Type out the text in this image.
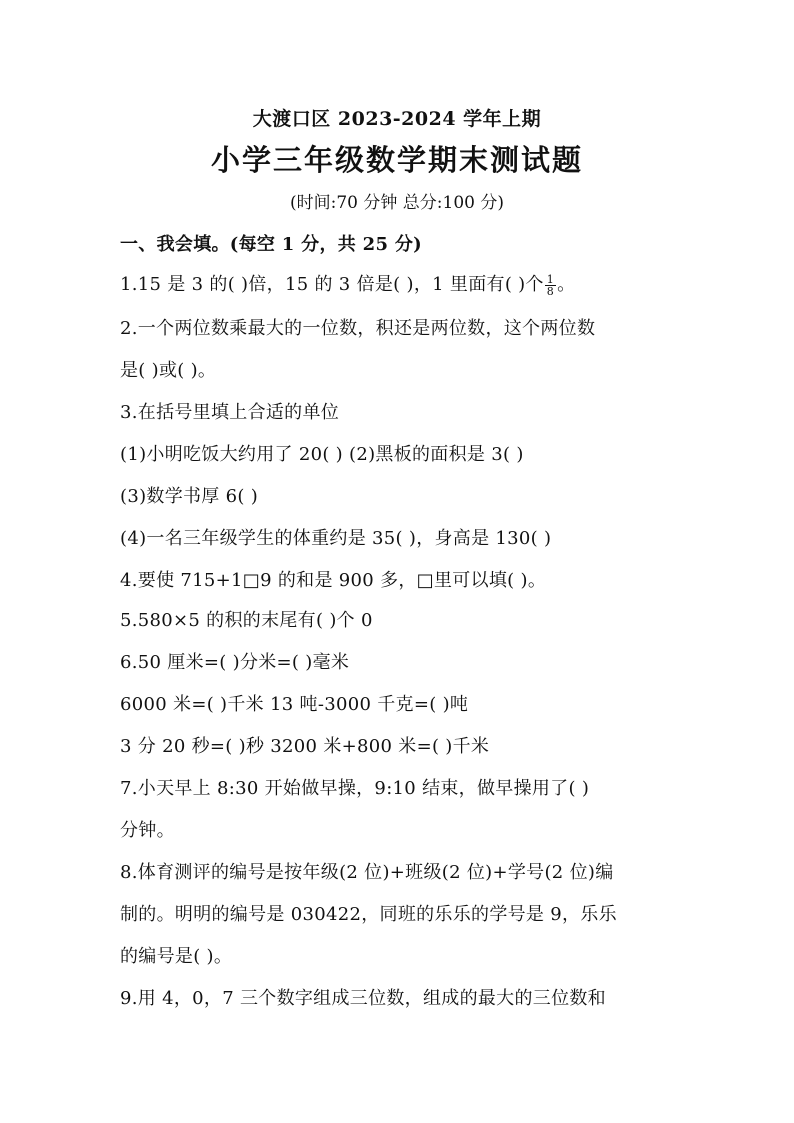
大渡口区 2023-2024 学年上期
小学三年级数学期末测试题
(时间:70 分钟 总分:100 分)
一、我会填。(每空 1 分，共 25 分)
1.15 是 3 的( )倍，15 的 3 倍是( )，1 里面有( )个 $\frac{1}{8}$ 。
2.一个两位数乘最大的一位数，积还是两位数，这个两位数
是( )或( )。
3.在括号里填上合适的单位
(1)小明吃饭大约用了 20( ) (2)黑板的面积是 3( )
(3)数学书厚 6( )
(4)一名三年级学生的体重约是 35( )，身高是 130( )
4.要使 715+1□9 的和是 900 多，□里可以填( )。
5.580×5 的积的末尾有( )个 0
6.50 厘米=( )分米=( )毫米
6000 米=( )千米 13 吨-3000 千克=( )吨
3 分 20 秒=( )秒 3200 米+800 米=( )千米
7.小天早上 8:30 开始做早操，9:10 结束，做早操用了( )
分钟。
8.体育测评的编号是按年级(2 位)+班级(2 位)+学号(2 位)编
制的。明明的编号是 030422，同班的乐乐的学号是 9，乐乐
的编号是( )。
9.用 4，0，7 三个数字组成三位数，组成的最大的三位数和
